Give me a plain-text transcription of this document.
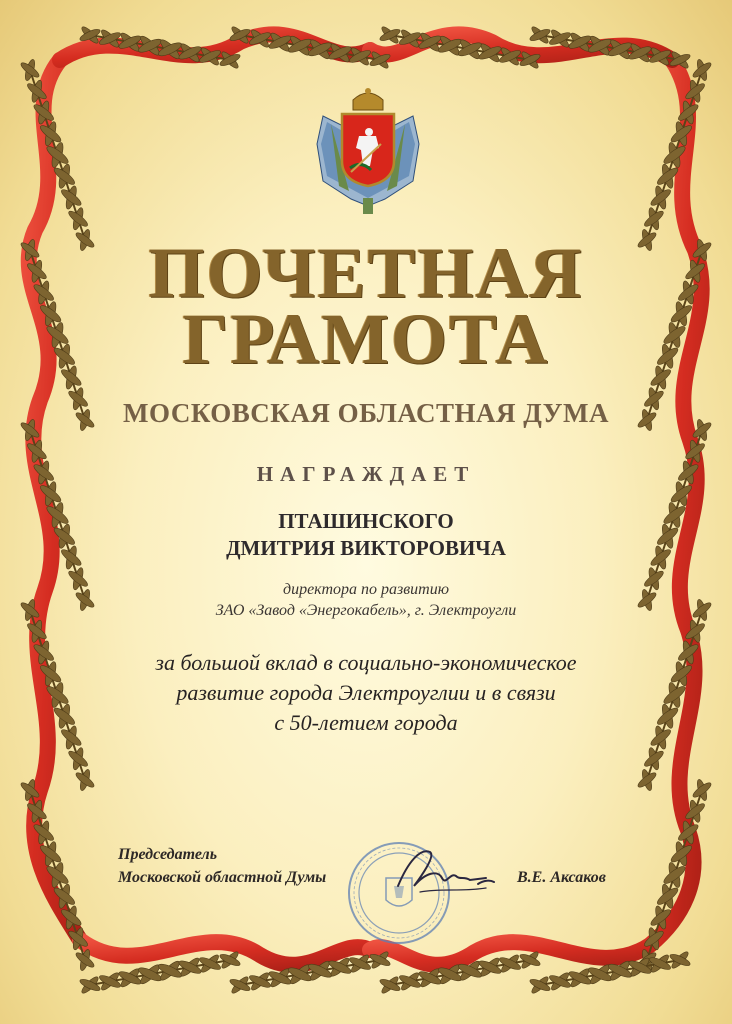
ПОЧЕТНАЯ
ГРАМОТА
МОСКОВСКАЯ ОБЛАСТНАЯ ДУМА
НАГРАЖДАЕТ
ПТАШИНСКОГО
ДМИТРИЯ ВИКТОРОВИЧА
директора по развитию
ЗАО «Завод «Энергокабель», г. Электроугли
за большой вклад в социально-экономическое
развитие города Электроуглии и в связи
с 50-летием города
Председатель
Московской областной Думы	В.Е. Аксаков
